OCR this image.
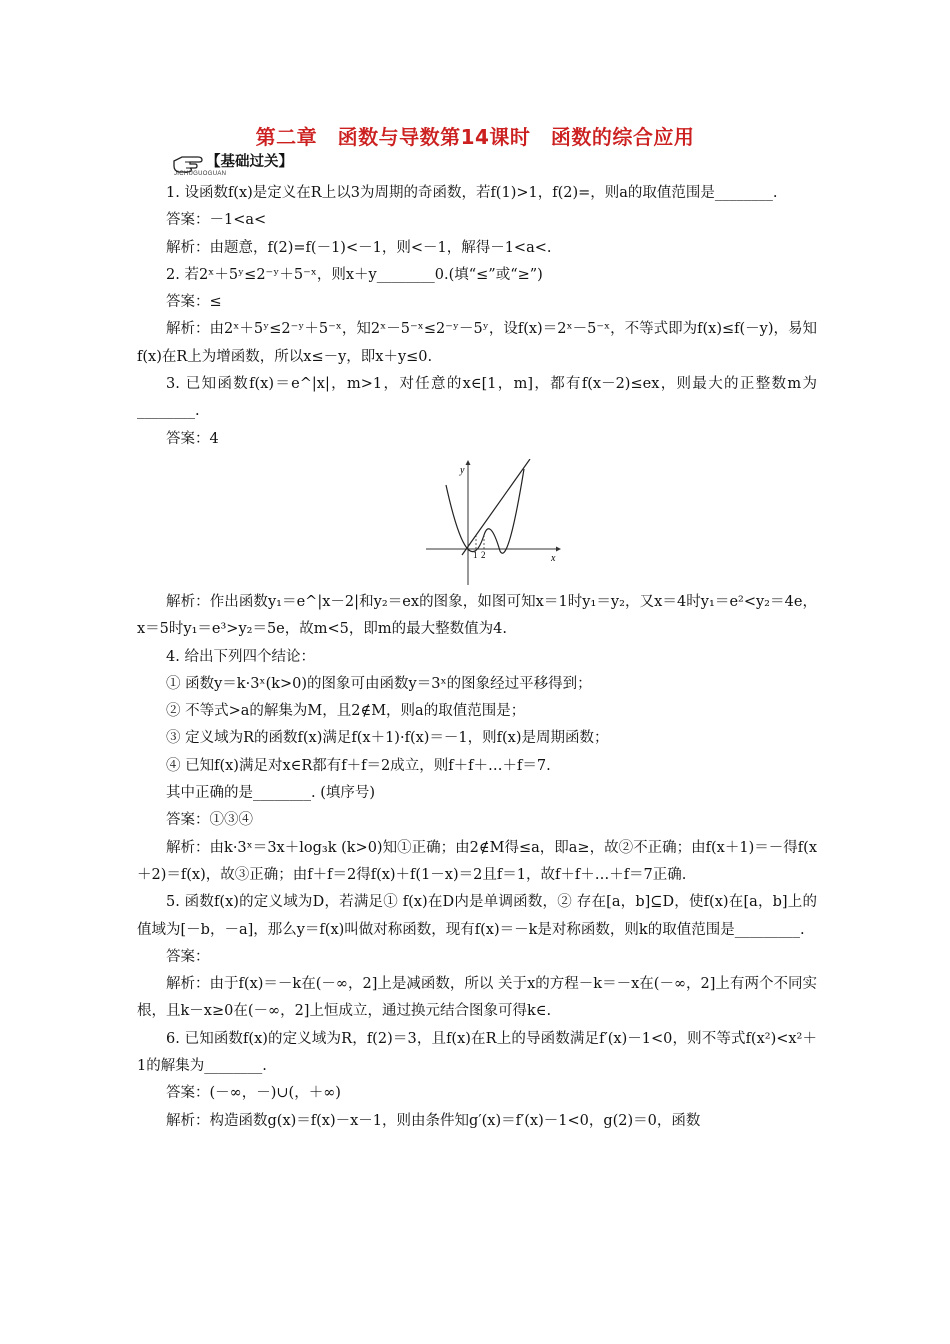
第二章　函数与导数第14课时　函数的综合应用
【基础过关】
JICHUGUOGUAN

1. 设函数f(x)是定义在R上以3为周期的奇函数，若f(1)>1，f(2)=，则a的取值范围是________.

答案：－1<a<

解析：由题意，f(2)=f(－1)<－1，则<－1，解得－1<a<.

2. 若2ˣ＋5ʸ≤2⁻ʸ＋5⁻ˣ，则x＋y________0.(填“≤”或“≥”)

答案：≤

解析：由2ˣ＋5ʸ≤2⁻ʸ＋5⁻ˣ，知2ˣ－5⁻ˣ≤2⁻ʸ－5ʸ，设f(x)＝2ˣ－5⁻ˣ，不等式即为f(x)≤f(－y)，易知f(x)在R上为增函数，所以x≤－y，即x＋y≤0.

3. 已知函数f(x)＝e^|x|，m>1，对任意的x∈[1，m]，都有f(x－2)≤ex，则最大的正整数m为________.

答案：4

y
x
1 2

解析：作出函数y₁＝e^|x－2|和y₂＝ex的图象，如图可知x＝1时y₁＝y₂，又x＝4时y₁＝e²<y₂＝4e，x＝5时y₁＝e³>y₂＝5e，故m<5，即m的最大整数值为4.

4. 给出下列四个结论：

① 函数y＝k·3ˣ(k>0)的图象可由函数y＝3ˣ的图象经过平移得到；

② 不等式>a的解集为M，且2∉M，则a的取值范围是；

③ 定义域为R的函数f(x)满足f(x＋1)·f(x)＝－1，则f(x)是周期函数；

④ 已知f(x)满足对x∈R都有f＋f＝2成立，则f＋f＋…＋f＝7.

其中正确的是________. (填序号)

答案：①③④

解析：由k·3ˣ＝3x＋log₃k (k>0)知①正确；由2∉M得≤a，即a≥，故②不正确；由f(x＋1)＝－得f(x＋2)＝f(x)，故③正确；由f＋f＝2得f(x)＋f(1－x)＝2且f＝1，故f＋f＋…＋f＝7正确.

5. 函数f(x)的定义域为D，若满足① f(x)在D内是单调函数，② 存在[a，b]⊆D，使f(x)在[a，b]上的值域为[－b，－a]，那么y＝f(x)叫做对称函数，现有f(x)＝－k是对称函数，则k的取值范围是_________.

答案：

解析：由于f(x)＝－k在(－∞，2]上是减函数，所以 关于x的方程－k＝－x在(－∞，2]上有两个不同实根，且k－x≥0在(－∞，2]上恒成立，通过换元结合图象可得k∈.

6. 已知函数f(x)的定义域为R，f(2)＝3，且f(x)在R上的导函数满足f′(x)－1<0，则不等式f(x²)<x²＋1的解集为________.

答案：(－∞，－)∪(，＋∞)

解析：构造函数g(x)＝f(x)－x－1，则由条件知g′(x)＝f′(x)－1<0，g(2)＝0，函数
